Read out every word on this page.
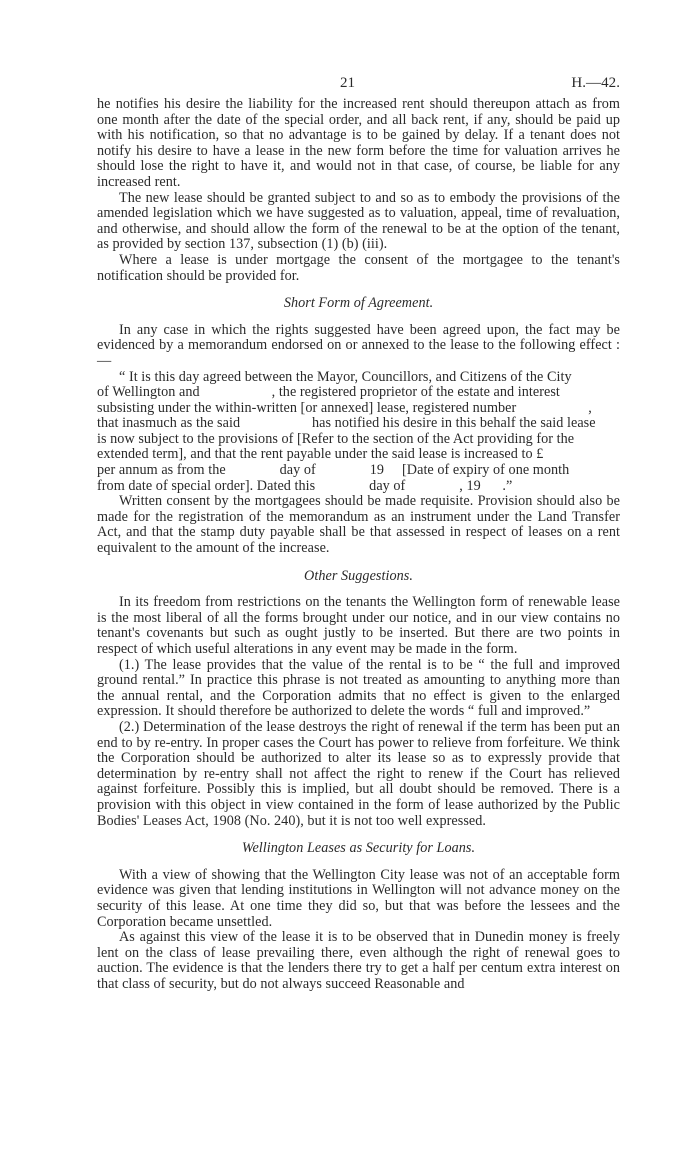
21	H.—42.

he notifies his desire the liability for the increased rent should thereupon attach as from one month after the date of the special order, and all back rent, if any, should be paid up with his notification, so that no advantage is to be gained by delay. If a tenant does not notify his desire to have a lease in the new form before the time for valuation arrives he should lose the right to have it, and would not in that case, of course, be liable for any increased rent.

The new lease should be granted subject to and so as to embody the provisions of the amended legislation which we have suggested as to valuation, appeal, time of revaluation, and otherwise, and should allow the form of the renewal to be at the option of the tenant, as provided by section 137, subsection (1) (b) (iii).

Where a lease is under mortgage the consent of the mortgagee to the tenant's notification should be provided for.

Short Form of Agreement.

In any case in which the rights suggested have been agreed upon, the fact may be evidenced by a memorandum endorsed on or annexed to the lease to the following effect :—

“ It is this day agreed between the Mayor, Councillors, and Citizens of the City

of Wellington and                    , the registered proprietor of the estate and interest

subsisting under the within-written [or annexed] lease, registered number                    ,

that inasmuch as the said                    has notified his desire in this behalf the said lease

is now subject to the provisions of [Refer to the section of the Act providing for the

extended term], and that the rent payable under the said lease is increased to £

per annum as from the               day of               19     [Date of expiry of one month

from date of special order]. Dated this               day of               , 19      .”

Written consent by the mortgagees should be made requisite. Provision should also be made for the registration of the memorandum as an instrument under the Land Transfer Act, and that the stamp duty payable shall be that assessed in respect of leases on a rent equivalent to the amount of the increase.

Other Suggestions.

In its freedom from restrictions on the tenants the Wellington form of renewable lease is the most liberal of all the forms brought under our notice, and in our view contains no tenant's covenants but such as ought justly to be inserted. But there are two points in respect of which useful alterations in any event may be made in the form.

(1.) The lease provides that the value of the rental is to be “ the full and improved ground rental.” In practice this phrase is not treated as amounting to anything more than the annual rental, and the Corporation admits that no effect is given to the enlarged expression. It should therefore be authorized to delete the words “ full and improved.”

(2.) Determination of the lease destroys the right of renewal if the term has been put an end to by re-entry. In proper cases the Court has power to relieve from forfeiture. We think the Corporation should be authorized to alter its lease so as to expressly provide that determination by re-entry shall not affect the right to renew if the Court has relieved against forfeiture. Possibly this is implied, but all doubt should be removed. There is a provision with this object in view contained in the form of lease authorized by the Public Bodies' Leases Act, 1908 (No. 240), but it is not too well expressed.

Wellington Leases as Security for Loans.

With a view of showing that the Wellington City lease was not of an acceptable form evidence was given that lending institutions in Wellington will not advance money on the security of this lease. At one time they did so, but that was before the lessees and the Corporation became unsettled.

As against this view of the lease it is to be observed that in Dunedin money is freely lent on the class of lease prevailing there, even although the right of renewal goes to auction. The evidence is that the lenders there try to get a half per centum extra interest on that class of security, but do not always succeed Reasonable and
